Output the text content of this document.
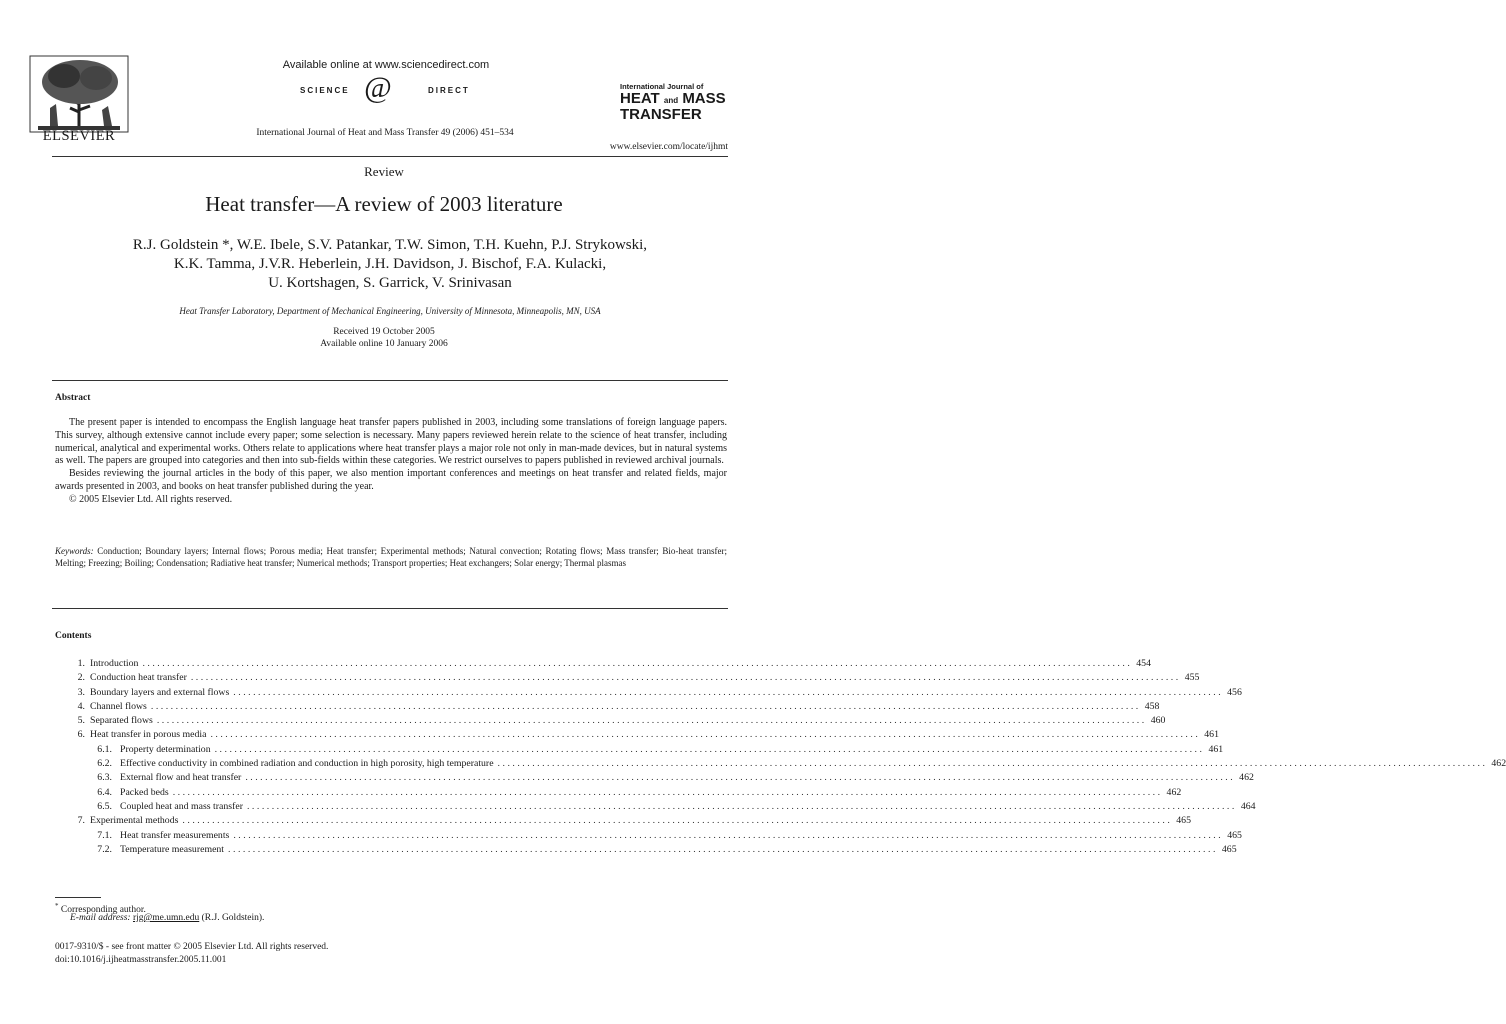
ELSEVIER
Available online at www.sciencedirect.com
SCIENCE @	DIRECT
International Journal of Heat and Mass Transfer 49 (2006) 451–534
International Journal of
HEAT and MASS
TRANSFER
www.elsevier.com/locate/ijhmt
Review
Heat transfer—A review of 2003 literature
R.J. Goldstein *, W.E. Ibele, S.V. Patankar, T.W. Simon, T.H. Kuehn, P.J. Strykowski,
K.K. Tamma, J.V.R. Heberlein, J.H. Davidson, J. Bischof, F.A. Kulacki,
U. Kortshagen, S. Garrick, V. Srinivasan
Heat Transfer Laboratory, Department of Mechanical Engineering, University of Minnesota, Minneapolis, MN, USA
Received 19 October 2005
Available online 10 January 2006
Abstract

The present paper is intended to encompass the English language heat transfer papers published in 2003, including some translations of foreign language papers. This survey, although extensive cannot include every paper; some selection is necessary. Many papers reviewed herein relate to the science of heat transfer, including numerical, analytical and experimental works. Others relate to applications where heat transfer plays a major role not only in man-made devices, but in natural systems as well. The papers are grouped into categories and then into sub-fields within these categories. We restrict ourselves to papers published in reviewed archival journals.

Besides reviewing the journal articles in the body of this paper, we also mention important conferences and meetings on heat transfer and related fields, major awards presented in 2003, and books on heat transfer published during the year.

© 2005 Elsevier Ltd. All rights reserved.

Keywords: Conduction; Boundary layers; Internal flows; Porous media; Heat transfer; Experimental methods; Natural convection; Rotating flows; Mass transfer; Bio-heat transfer; Melting; Freezing; Boiling; Condensation; Radiative heat transfer; Numerical methods; Transport properties; Heat exchangers; Solar energy; Thermal plasmas
Contents
1. Introduction ........................................................................................................................................................................................................ 454
2. Conduction heat transfer ........................................................................................................................................................................................................ 455
3. Boundary layers and external flows ........................................................................................................................................................................................................ 456
4. Channel flows ........................................................................................................................................................................................................ 458
5. Separated flows ........................................................................................................................................................................................................ 460
6. Heat transfer in porous media ........................................................................................................................................................................................................ 461
6.1. Property determination ........................................................................................................................................................................................................ 461
6.2. Effective conductivity in combined radiation and conduction in high porosity, high temperature ........................................................................................................................................................................................................ 462
6.3. External flow and heat transfer ........................................................................................................................................................................................................ 462
6.4. Packed beds ........................................................................................................................................................................................................ 462
6.5. Coupled heat and mass transfer ........................................................................................................................................................................................................ 464
7. Experimental methods ........................................................................................................................................................................................................ 465
7.1. Heat transfer measurements ........................................................................................................................................................................................................ 465
7.2. Temperature measurement ........................................................................................................................................................................................................ 465
* Corresponding author.
E-mail address: rjg@me.umn.edu (R.J. Goldstein).
0017-9310/$ - see front matter © 2005 Elsevier Ltd. All rights reserved.
doi:10.1016/j.ijheatmasstransfer.2005.11.001
